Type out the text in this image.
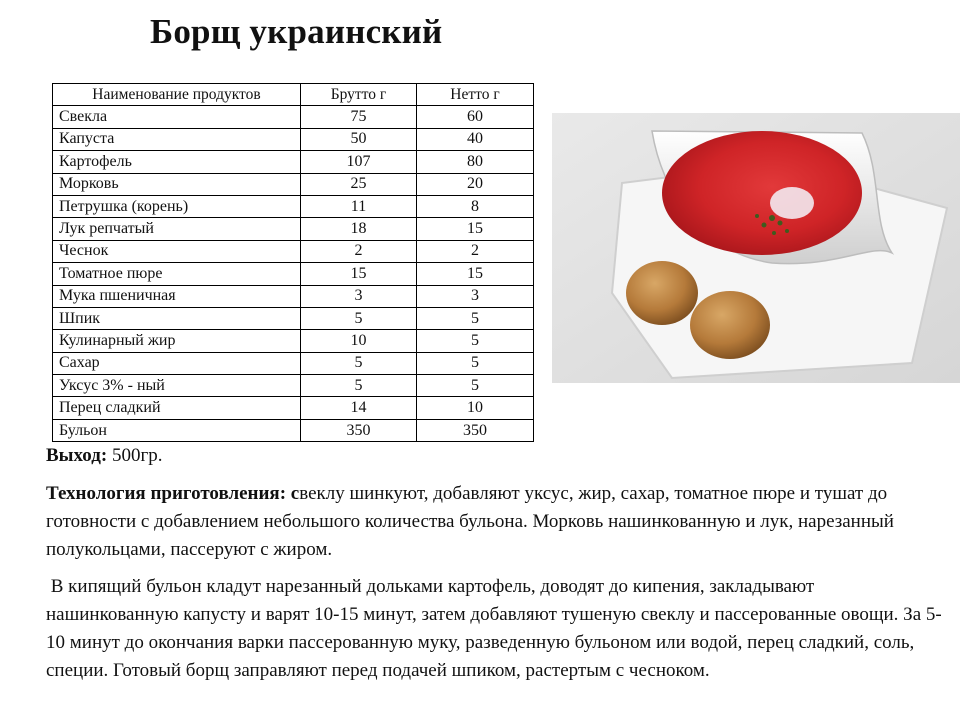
Борщ украинский
Наименование продуктов	Брутто г	Нетто г
Свекла	75	60
Капуста	50	40
Картофель	107	80
Морковь	25	20
Петрушка (корень)	11	8
Лук репчатый	18	15
Чеснок	2	2
Томатное пюре	15	15
Мука пшеничная	3	3
Шпик	5	5
Кулинарный жир	10	5
Сахар	5	5
Уксус 3% - ный	5	5
Перец сладкий	14	10
Бульон	350	350
Выход: 500гр.

Технология приготовления: свеклу шинкуют, добавляют уксус, жир, сахар, томатное пюре и тушат до готовности с добавлением небольшого количества бульона. Морковь нашинкованную и лук, нарезанный полукольцами, пассеруют с жиром.

В кипящий бульон кладут нарезанный дольками картофель, доводят до кипения, закладывают нашинкованную капусту и варят 10-15 минут, затем добавляют тушеную свеклу и пассерованные овощи. За 5-10 минут до окончания варки пассерованную муку, разведенную бульоном или водой, перец сладкий, соль, специи. Готовый борщ заправляют перед подачей шпиком, растертым с чесноком.
